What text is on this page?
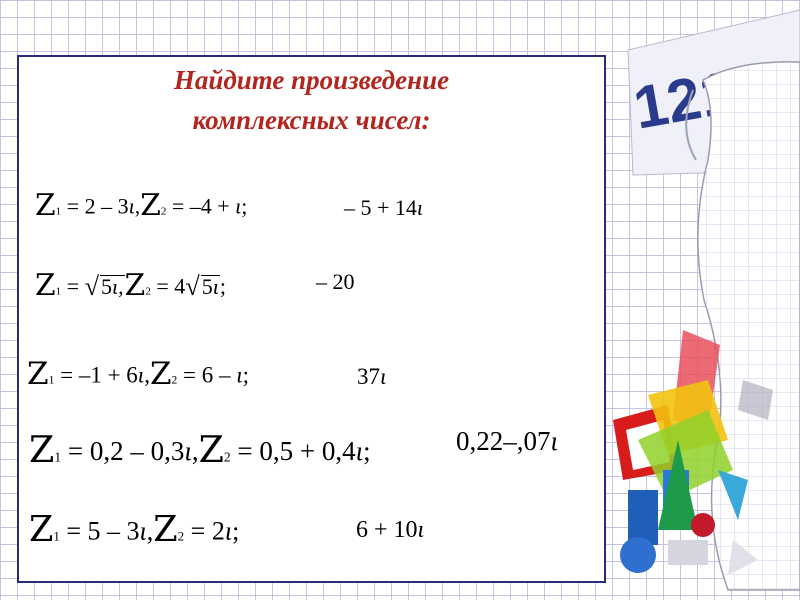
Найдите произведение
комплексных чисел:
Z1 = 2 – 3ι,Z2 = –4 + ι;	– 5 + 14ι
Z1 = √5ι,Z2 = 4√5ι;	– 20
Z1 = –1 + 6ι,Z2 = 6 – ι;	37ι
Z1 = 0,2 – 0,3ι,Z2 = 0,5 + 0,4ι;	0,22–,07ι
Z1 = 5 – 3ι,Z2 = 2ι;	6 + 10ι
